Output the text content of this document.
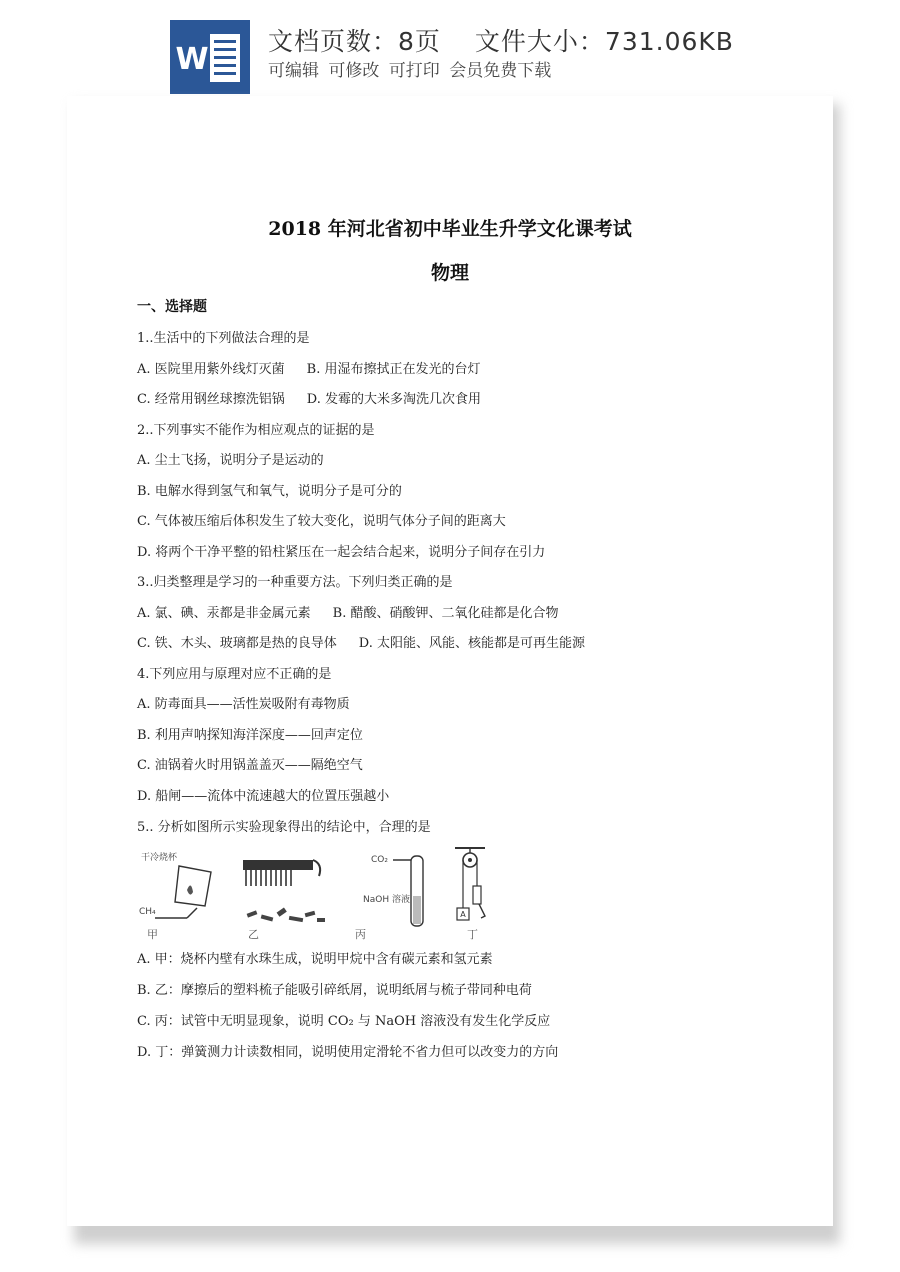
W
文档页数：8页 文件大小：731.06KB
可编辑 可修改 可打印 会员免费下载
2018 年河北省初中毕业生升学文化课考试
物理
一、选择题
1..生活中的下列做法合理的是
A. 医院里用紫外线灯灭菌 B. 用湿布擦拭正在发光的台灯
C. 经常用钢丝球擦洗铝锅 D. 发霉的大米多淘洗几次食用
2..下列事实不能作为相应观点的证据的是
A. 尘土飞扬，说明分子是运动的
B. 电解水得到氢气和氧气，说明分子是可分的
C. 气体被压缩后体积发生了较大变化，说明气体分子间的距离大
D. 将两个干净平整的铅柱紧压在一起会结合起来，说明分子间存在引力
3..归类整理是学习的一种重要方法。下列归类正确的是
A. 氯、碘、汞都是非金属元素 B. 醋酸、硝酸钾、二氧化硅都是化合物
C. 铁、木头、玻璃都是热的良导体 D. 太阳能、风能、核能都是可再生能源
4.下列应用与原理对应不正确的是
A. 防毒面具——活性炭吸附有毒物质
B. 利用声呐探知海洋深度——回声定位
C. 油锅着火时用锅盖盖灭——隔绝空气
D. 船闸——流体中流速越大的位置压强越小
5.. 分析如图所示实验现象得出的结论中，合理的是
干冷烧杯
CH₄
CO₂
NaOH 溶液
A
甲	乙	丙	丁
A. 甲：烧杯内壁有水珠生成，说明甲烷中含有碳元素和氢元素
B. 乙：摩擦后的塑料梳子能吸引碎纸屑，说明纸屑与梳子带同种电荷
C. 丙：试管中无明显现象，说明 CO₂ 与 NaOH 溶液没有发生化学反应
D. 丁：弹簧测力计读数相同，说明使用定滑轮不省力但可以改变力的方向
